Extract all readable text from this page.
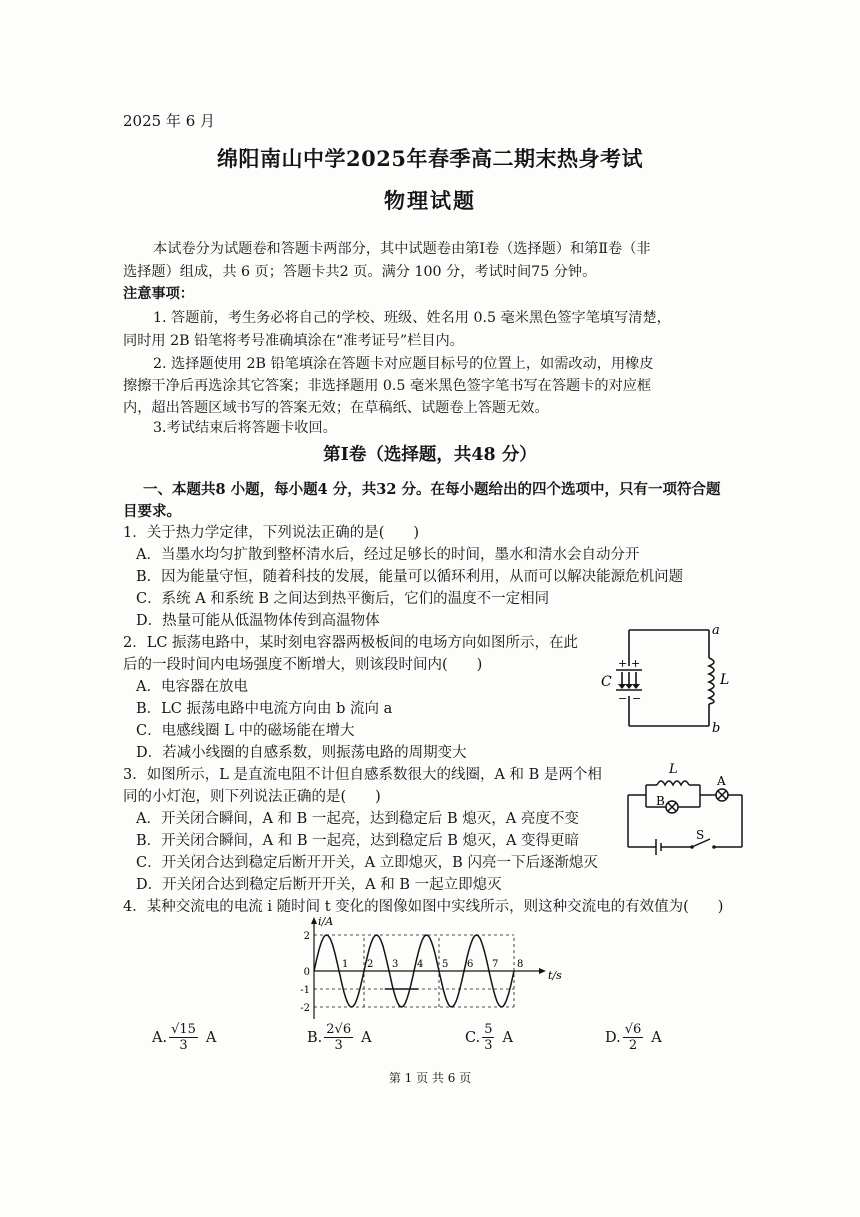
2025 年 6 月
绵阳南山中学2025年春季高二期末热身考试
物理试题
本试卷分为试题卷和答题卡两部分，其中试题卷由第Ⅰ卷（选择题）和第Ⅱ卷（非
选择题）组成，共 6 页；答题卡共2 页。满分 100 分，考试时间75 分钟。
注意事项：
1. 答题前，考生务必将自己的学校、班级、姓名用 0.5 毫米黑色签字笔填写清楚，
同时用 2B 铅笔将考号准确填涂在“准考证号”栏目内。
2. 选择题使用 2B 铅笔填涂在答题卡对应题目标号的位置上，如需改动，用橡皮
擦擦干净后再选涂其它答案；非选择题用 0.5 毫米黑色签字笔书写在答题卡的对应框
内，超出答题区域书写的答案无效；在草稿纸、试题卷上答题无效。
3.考试结束后将答题卡收回。
第Ⅰ卷（选择题，共48 分）
一、本题共8 小题，每小题4 分，共32 分。在每小题给出的四个选项中，只有一项符合题
目要求。
1．关于热力学定律，下列说法正确的是(　　)
A．当墨水均匀扩散到整杯清水后，经过足够长的时间，墨水和清水会自动分开
B．因为能量守恒，随着科技的发展，能量可以循环利用，从而可以解决能源危机问题
C．系统 A 和系统 B 之间达到热平衡后，它们的温度不一定相同
D．热量可能从低温物体传到高温物体
2．LC 振荡电路中，某时刻电容器两极板间的电场方向如图所示，在此
后的一段时间内电场强度不断增大，则该段时间内(　　)
A．电容器在放电
B．LC 振荡电路中电流方向由 b 流向 a
C．电感线圈 L 中的磁场能在增大
D．若减小线圈的自感系数，则振荡电路的周期变大
+ +
− −
C	L
a
b
3．如图所示，L 是直流电阻不计但自感系数很大的线圈，A 和 B 是两个相
同的小灯泡，则下列说法正确的是(　　)
A．开关闭合瞬间，A 和 B 一起亮，达到稳定后 B 熄灭，A 亮度不变
B．开关闭合瞬间，A 和 B 一起亮，达到稳定后 B 熄灭，A 变得更暗
C．开关闭合达到稳定后断开开关，A 立即熄灭，B 闪亮一下后逐渐熄灭
D．开关闭合达到稳定后断开开关，A 和 B 一起立即熄灭
L
B
A
S
4．某种交流电的电流 i 随时间 t 变化的图像如图中实线所示，则这种交流电的有效值为(　　)
2
0
-1
-2
1 2 3 4 5 6 7 8
i/A
t/s
A. $\frac{√15}{3}$ A	B. $\frac{2√6}{3}$ A	C. $\frac{5}{3}$ A	D. $\frac{√6}{2}$ A
第 1 页 共 6 页
